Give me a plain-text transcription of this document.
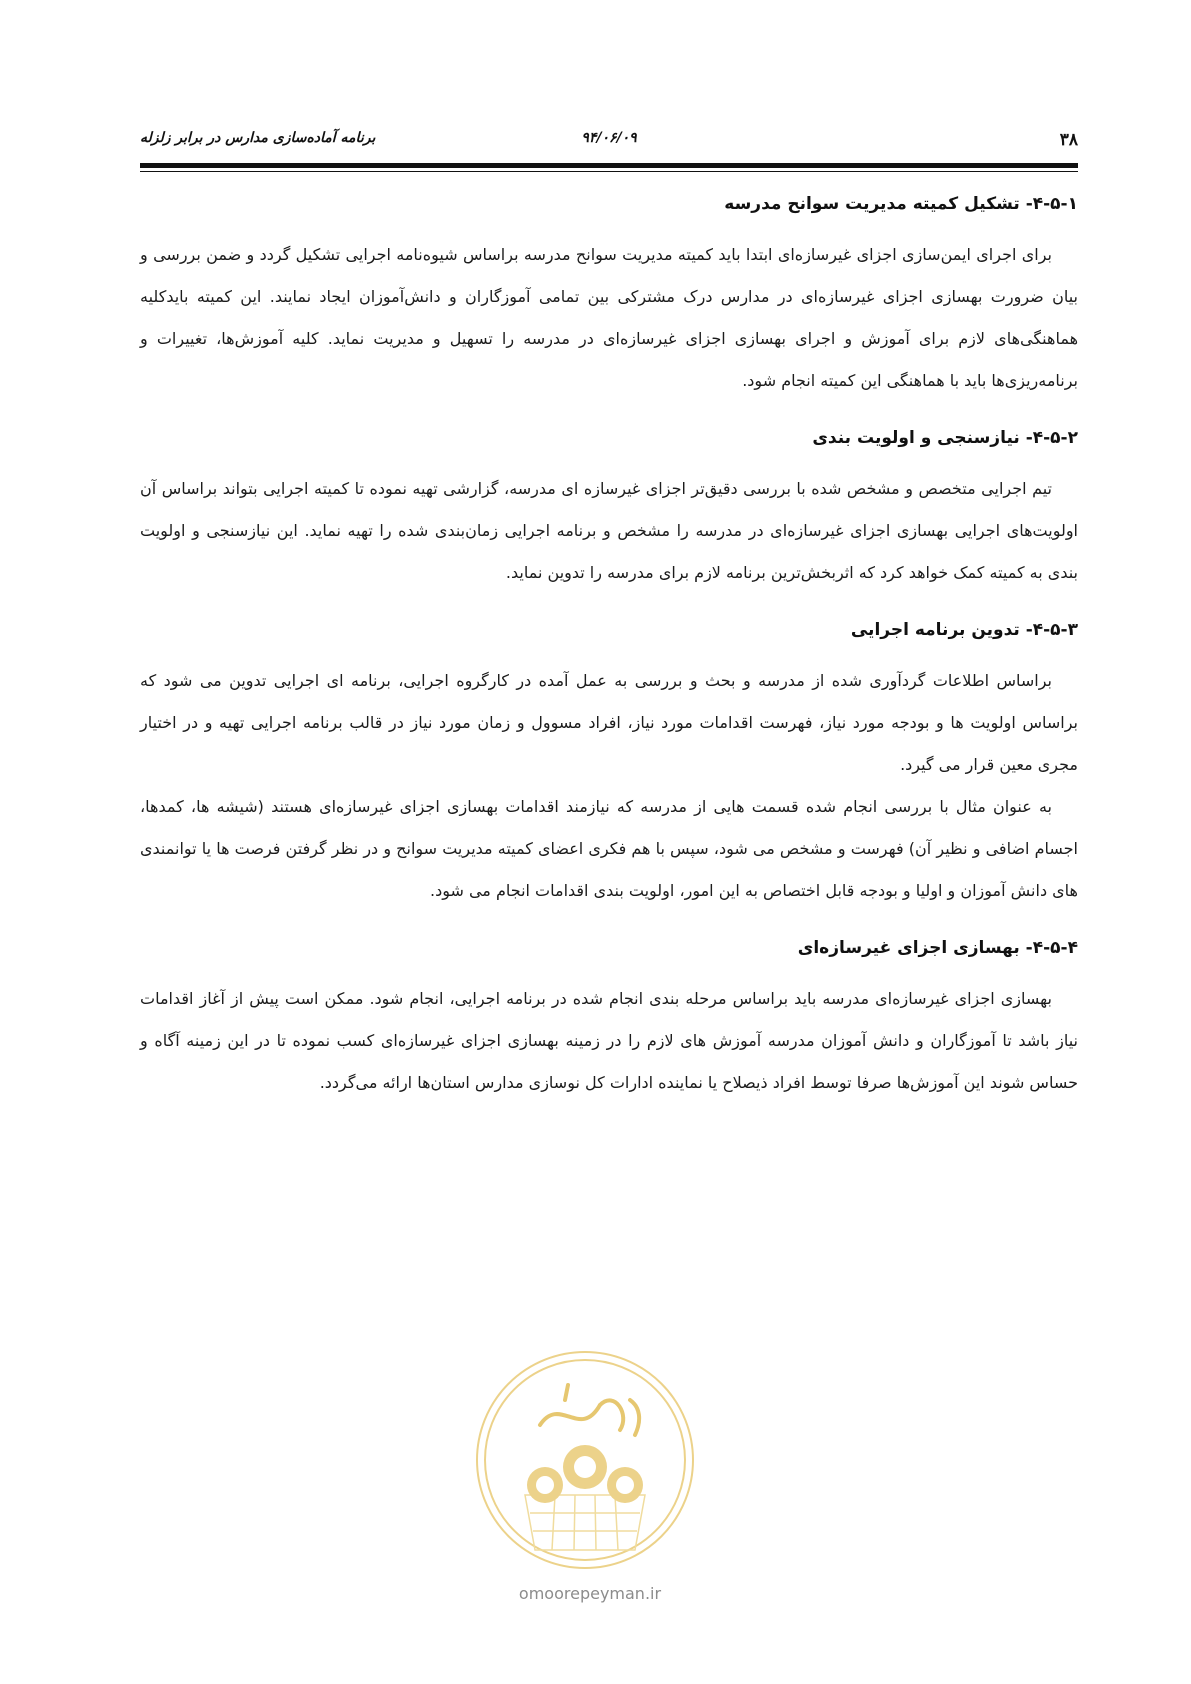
۳۸
۹۴/۰۶/۰۹
برنامه آماده‌سازی مدارس در برابر زلزله
۴-۵-۱- تشکیل کمیته مدیریت سوانح مدرسه

برای اجرای ایمن‌سازی اجزای غیرسازه‌ای ابتدا باید کمیته مدیریت سوانح مدرسه براساس شیوه‌نامه اجرایی تشکیل گردد و ضمن بررسی و بیان ضرورت بهسازی اجزای غیرسازه‌ای در مدارس درک مشترکی بین تمامی آموزگاران و دانش‌آموزان ایجاد نمایند. این کمیته بایدکلیه هماهنگی‌های لازم برای آموزش و اجرای بهسازی اجزای غیرسازه‌ای در مدرسه را تسهیل و مدیریت نماید. کلیه آموزش‌ها، تغییرات و برنامه‌ریزی‌ها باید با هماهنگی این کمیته انجام شود.

۴-۵-۲- نیازسنجی و اولویت بندی

تیم اجرایی متخصص و مشخص شده با بررسی دقیق‌تر اجزای غیرسازه ای مدرسه، گزارشی تهیه نموده تا کمیته اجرایی بتواند براساس آن اولویت‌های اجرایی بهسازی اجزای غیرسازه‌ای در مدرسه را مشخص و برنامه اجرایی زمان‌بندی شده را تهیه نماید. این نیازسنجی و اولویت بندی به کمیته کمک خواهد کرد که اثربخش‌ترین برنامه لازم برای مدرسه را تدوین نماید.

۴-۵-۳- تدوین برنامه اجرایی

براساس اطلاعات گردآوری شده از مدرسه و بحث و بررسی به عمل آمده در کارگروه اجرایی، برنامه ای اجرایی تدوین می شود که براساس اولویت ها و بودجه مورد نیاز، فهرست اقدامات مورد نیاز، افراد مسوول و زمان مورد نیاز در قالب برنامه اجرایی تهیه و در اختیار مجری معین قرار می گیرد.

به عنوان مثال با بررسی انجام شده قسمت هایی از مدرسه که نیازمند اقدامات بهسازی اجزای غیرسازه‌ای هستند (شیشه ها، کمدها، اجسام اضافی و نظیر آن) فهرست و مشخص می شود، سپس با هم فکری اعضای کمیته مدیریت سوانح و در نظر گرفتن فرصت ها یا توانمندی های دانش آموزان و اولیا و بودجه قابل اختصاص به این امور، اولویت بندی اقدامات انجام می شود.

۴-۵-۴- بهسازی اجزای غیرسازه‌ای

بهسازی اجزای غیرسازه‌ای مدرسه باید براساس مرحله بندی انجام شده در برنامه اجرایی، انجام شود. ممکن است پیش از آغاز اقدامات نیاز باشد تا آموزگاران و دانش آموزان مدرسه آموزش های لازم را در زمینه بهسازی اجزای غیرسازه‌ای کسب نموده تا در این زمینه آگاه و حساس شوند این آموزش‌ها صرفا توسط افراد ذیصلاح یا نماینده ادارات کل نوسازی مدارس استان‌ها ارائه می‌گردد.

omoorepeyman.ir
